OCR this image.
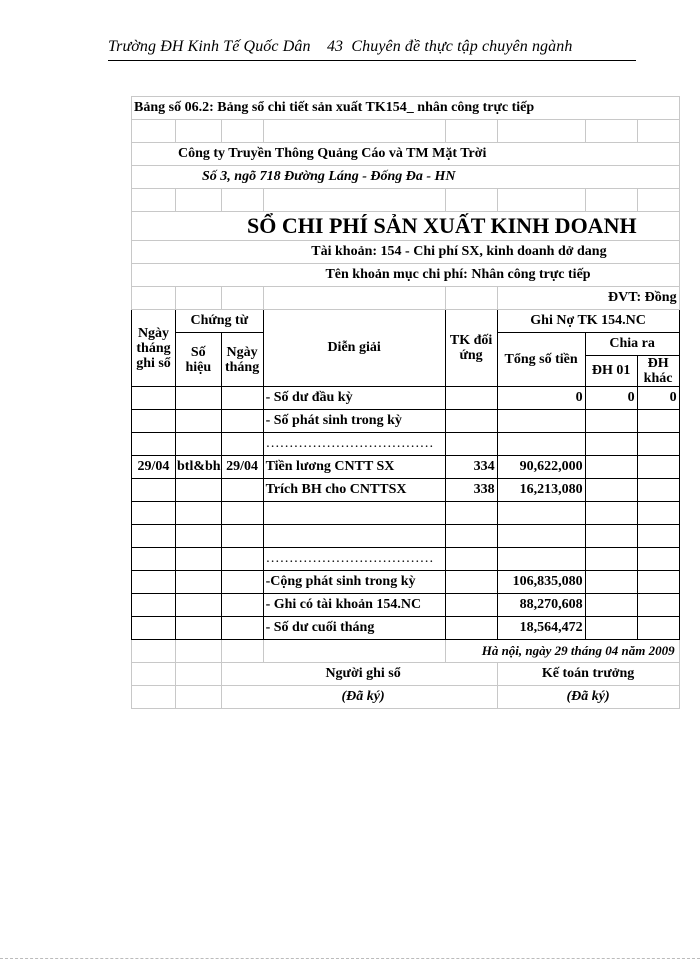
Trường ĐH Kinh Tế Quốc Dân 43 Chuyên đề thực tập chuyên ngành
Bảng số 06.2: Bảng sổ chi tiết sản xuất TK154_ nhân công trực tiếp							

Công ty Truyền Thông Quảng Cáo và TM Mặt Trời							
Số 3, ngõ 718 Đường Láng - Đống Đa - HN							

SỔ CHI PHÍ SẢN XUẤT KINH DOANH							
Tài khoản: 154 - Chi phí SX, kinh doanh dở dang							
Tên khoản mục chi phí: Nhân công trực tiếp							
					ĐVT: Đồng		
Ngày tháng ghi sổ	Chứng từ		Diễn giải	TK đối ứng	Ghi Nợ TK 154.NC		
	Số hiệu	Ngày tháng			Tổng số tiền	Chia ra	
						ĐH 01	ĐH khác

			- Số dư đầu kỳ		0	0	0
			- Số phát sinh trong kỳ				
			………………………………				
29/04	btl&bh	29/04	Tiền lương CNTT SX	334	90,622,000		
			Trích BH cho CNTTSX	338	16,213,080		

			………………………………				
			-Cộng phát sinh trong kỳ		106,835,080		
			- Ghi có tài khoản 154.NC		88,270,608		
			- Số dư cuối tháng		18,564,472		
				Hà nội, ngày 29 tháng 04 năm 2009			
		Người ghi sổ			Kế toán trưởng		
		(Đã ký)			(Đã ký)		
